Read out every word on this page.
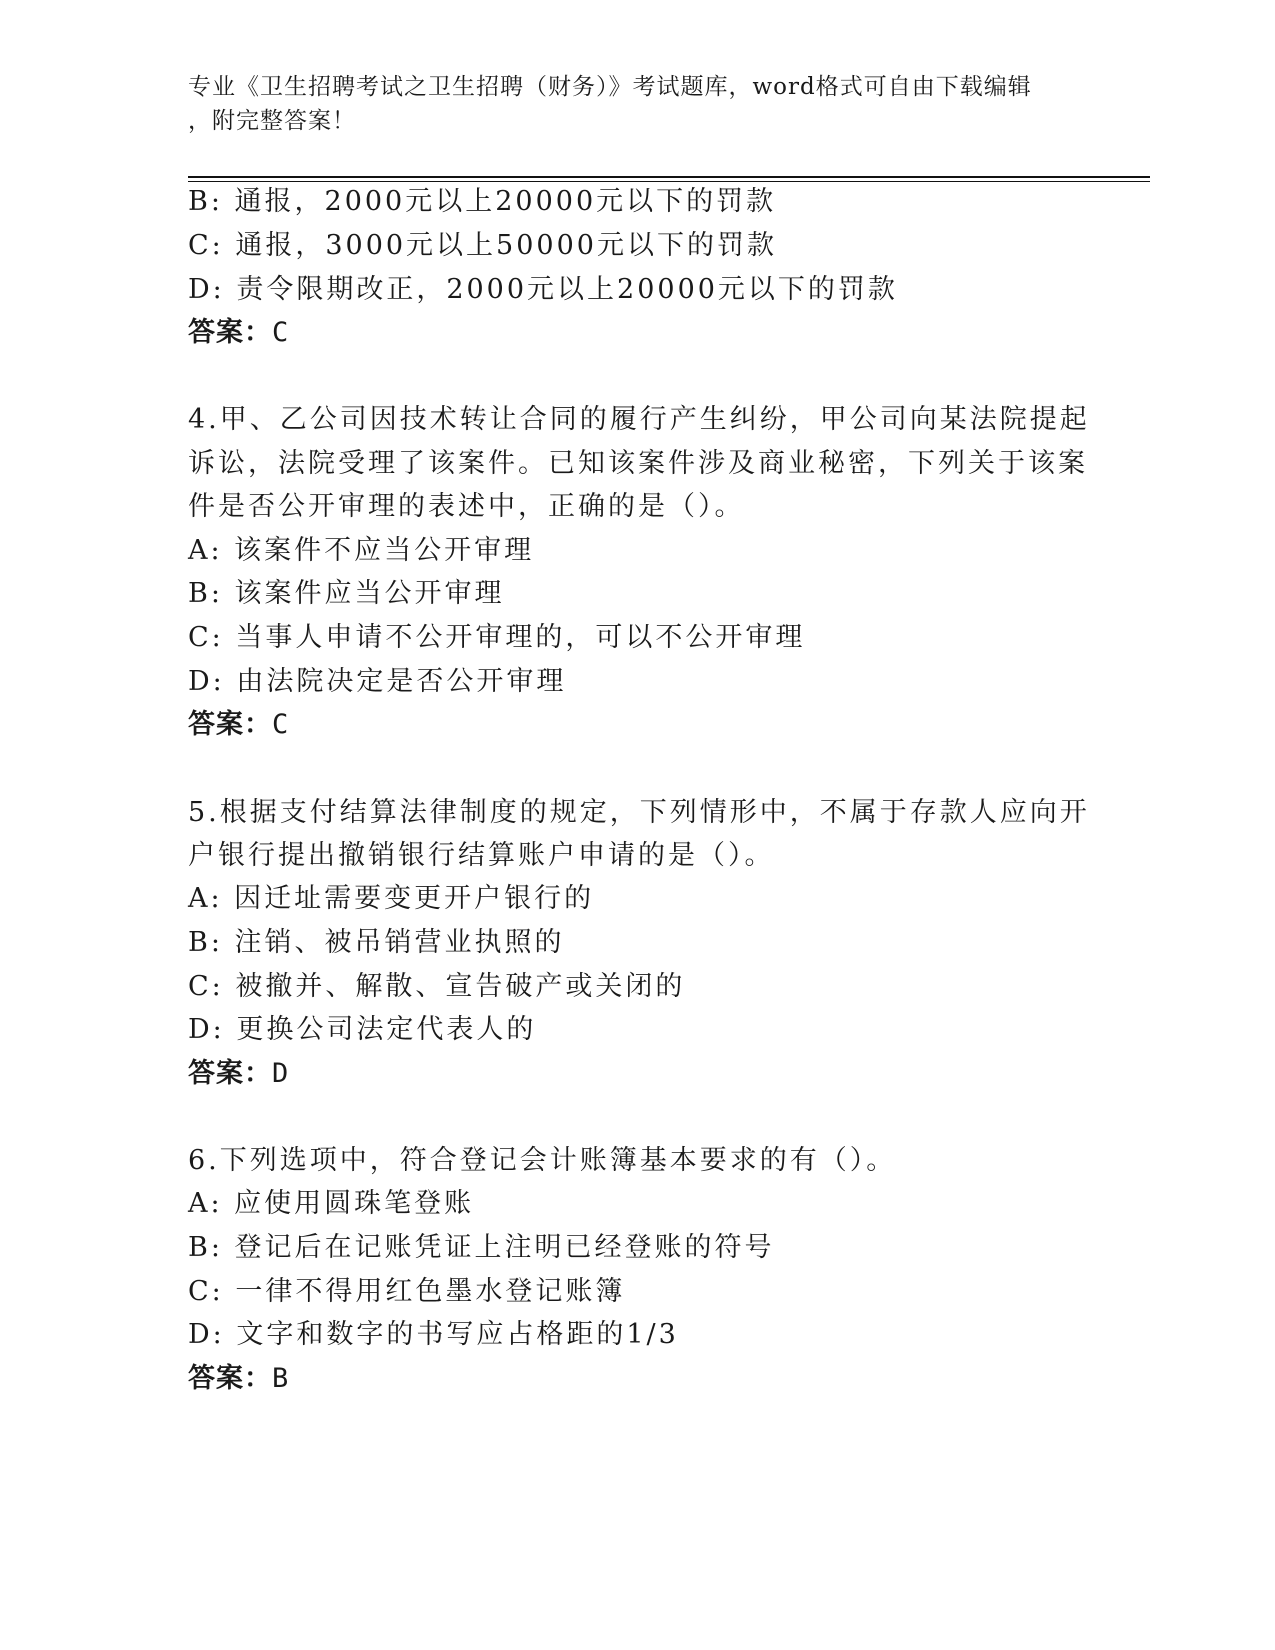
专业《卫生招聘考试之卫生招聘（财务）》考试题库，word格式可自由下载编辑
，附完整答案！
B: 通报，2000元以上20000元以下的罚款
C: 通报，3000元以上50000元以下的罚款
D: 责令限期改正，2000元以上20000元以下的罚款
答案：C
4.甲、乙公司因技术转让合同的履行产生纠纷，甲公司向某法院提起
诉讼，法院受理了该案件。已知该案件涉及商业秘密，下列关于该案
件是否公开审理的表述中，正确的是（）。
A: 该案件不应当公开审理
B: 该案件应当公开审理
C: 当事人申请不公开审理的，可以不公开审理
D: 由法院决定是否公开审理
答案：C
5.根据支付结算法律制度的规定，下列情形中，不属于存款人应向开
户银行提出撤销银行结算账户申请的是（）。
A: 因迁址需要变更开户银行的
B: 注销、被吊销营业执照的
C: 被撤并、解散、宣告破产或关闭的
D: 更换公司法定代表人的
答案：D
6.下列选项中，符合登记会计账簿基本要求的有（）。
A: 应使用圆珠笔登账
B: 登记后在记账凭证上注明已经登账的符号
C: 一律不得用红色墨水登记账簿
D: 文字和数字的书写应占格距的1/3
答案：B
